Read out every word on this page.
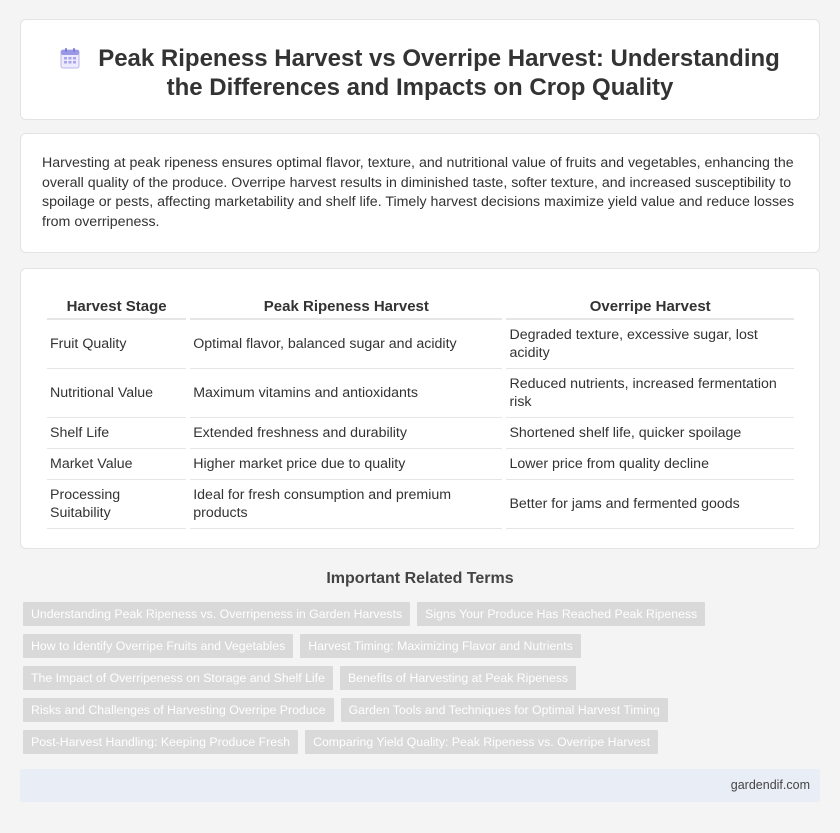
Peak Ripeness Harvest vs Overripe Harvest: Understanding the Differences and Impacts on Crop Quality

Harvesting at peak ripeness ensures optimal flavor, texture, and nutritional value of fruits and vegetables, enhancing the overall quality of the produce. Overripe harvest results in diminished taste, softer texture, and increased susceptibility to spoilage or pests, affecting marketability and shelf life. Timely harvest decisions maximize yield value and reduce losses from overripeness.

Harvest Stage	Peak Ripeness Harvest	Overripe Harvest
Fruit Quality	Optimal flavor, balanced sugar and acidity	Degraded texture, excessive sugar, lost acidity
Nutritional Value	Maximum vitamins and antioxidants	Reduced nutrients, increased fermentation risk
Shelf Life	Extended freshness and durability	Shortened shelf life, quicker spoilage
Market Value	Higher market price due to quality	Lower price from quality decline
Processing Suitability	Ideal for fresh consumption and premium products	Better for jams and fermented goods
Important Related Terms
Understanding Peak Ripeness vs. Overripeness in Garden Harvests	Signs Your Produce Has Reached Peak Ripeness
How to Identify Overripe Fruits and Vegetables	Harvest Timing: Maximizing Flavor and Nutrients
The Impact of Overripeness on Storage and Shelf Life	Benefits of Harvesting at Peak Ripeness
Risks and Challenges of Harvesting Overripe Produce	Garden Tools and Techniques for Optimal Harvest Timing
Post-Harvest Handling: Keeping Produce Fresh	Comparing Yield Quality: Peak Ripeness vs. Overripe Harvest
gardendif.com
